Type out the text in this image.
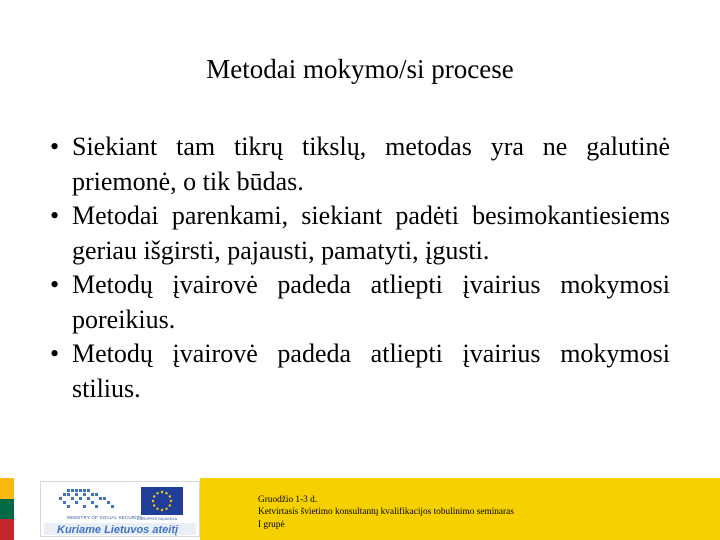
Metodai mokymo/si procese
• Siekiant tam tikrų tikslų, metodas yra ne galutinė priemonė, o tik būdas.
• Metodai parenkami, siekiant padėti besimokantiesiems geriau išgirsti, pajausti, pamatyti, įgusti.
• Metodų įvairovė padeda atliepti įvairius mokymosi poreikius.
• Metodų įvairovė padeda atliepti įvairius mokymosi stilius.
MINISTRY OF SOCIAL SECURITY
EUROPOS SĄJUNGA
Kuriame Lietuvos ateitį
Gruodžio 1-3 d.
Ketvirtasis švietimo konsultantų kvalifikacijos tobulinimo seminaras
I grupė
